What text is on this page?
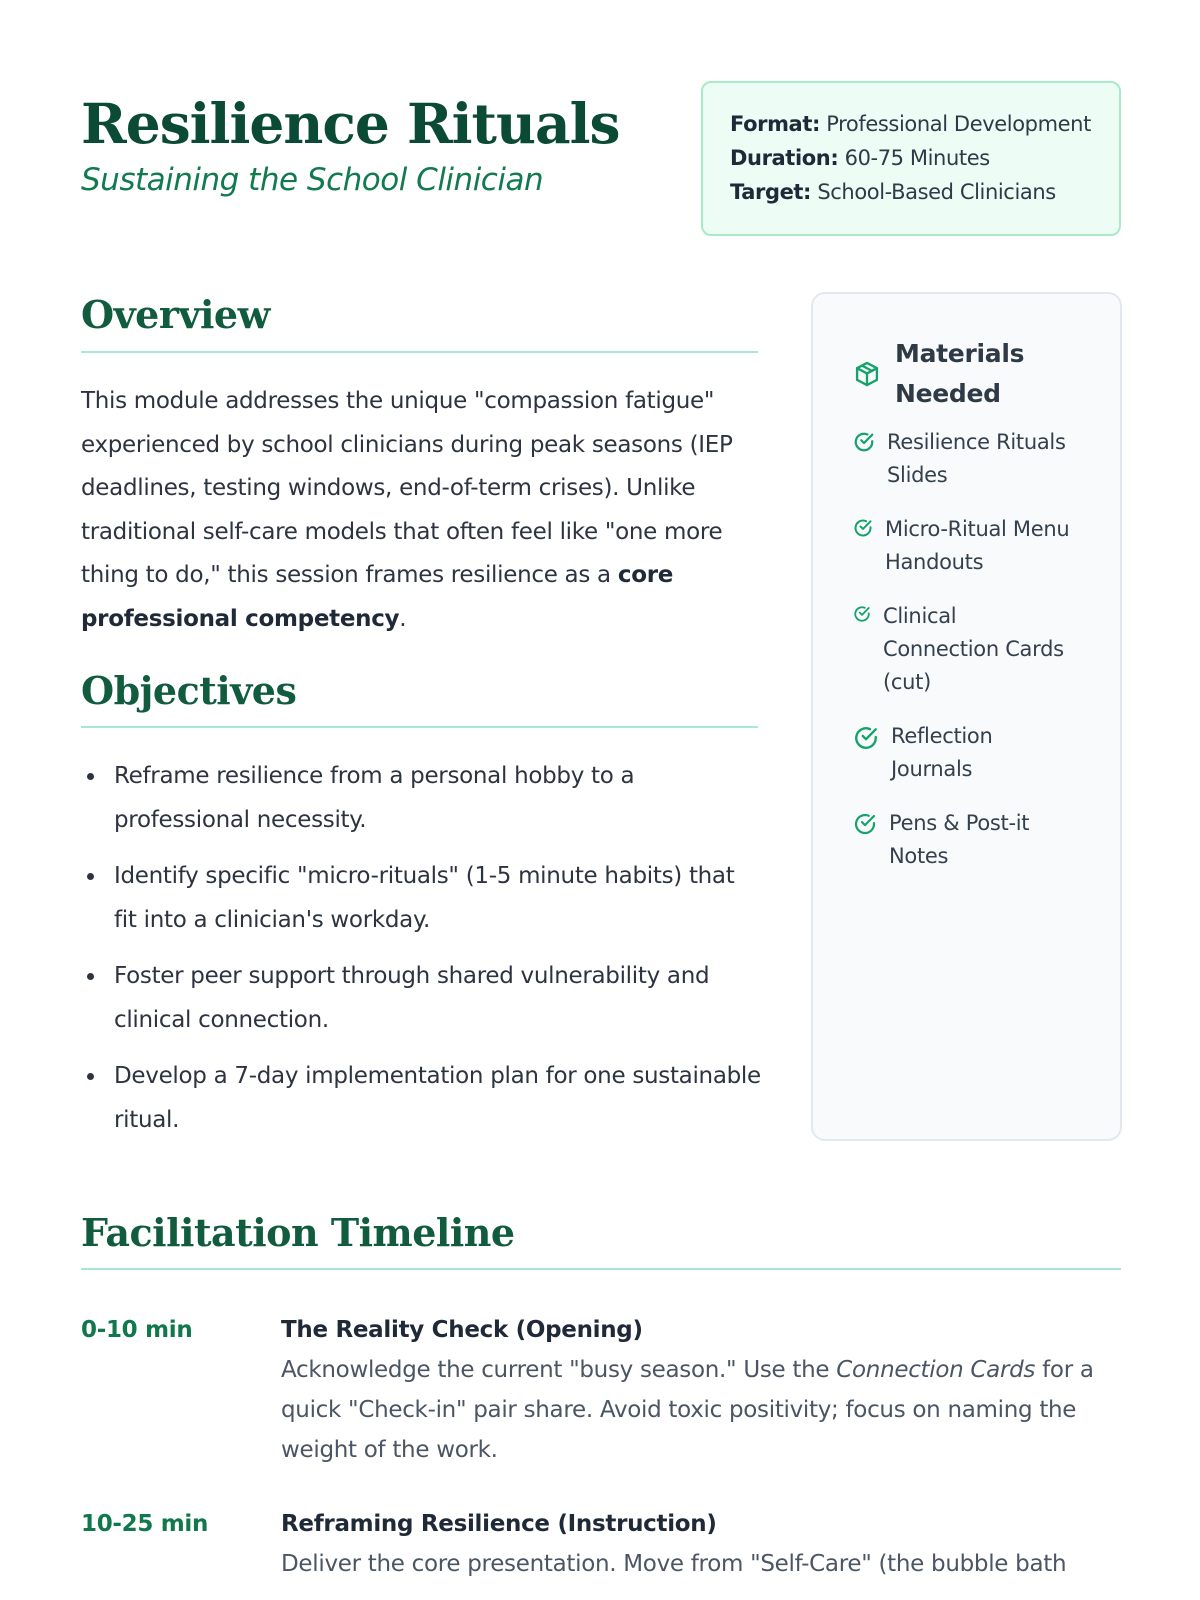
Resilience Rituals
Sustaining the School Clinician
Format: Professional Development
Duration: 60-75 Minutes
Target: School-Based Clinicians
Overview

This module addresses the unique "compassion fatigue" experienced by school clinicians during peak seasons (IEP deadlines, testing windows, end-of-term crises). Unlike traditional self-care models that often feel like "one more thing to do," this session frames resilience as a core professional competency.

Objectives
Reframe resilience from a personal hobby to a professional necessity.
Identify specific "micro-rituals" (1-5 minute habits) that fit into a clinician's workday.
Foster peer support through shared vulnerability and clinical connection.
Develop a 7-day implementation plan for one sustainable ritual.
Materials Needed
Resilience Rituals Slides
Micro-Ritual Menu Handouts
Clinical Connection Cards (cut)
Reflection Journals
Pens & Post-it Notes
Facilitation Timeline
0-10 min	The Reality Check (Opening)
Acknowledge the current "busy season." Use the Connection Cards for a quick "Check-in" pair share. Avoid toxic positivity; focus on naming the weight of the work.
10-25 min	Reframing Resilience (Instruction)
Deliver the core presentation. Move from "Self-Care" (the bubble bath
